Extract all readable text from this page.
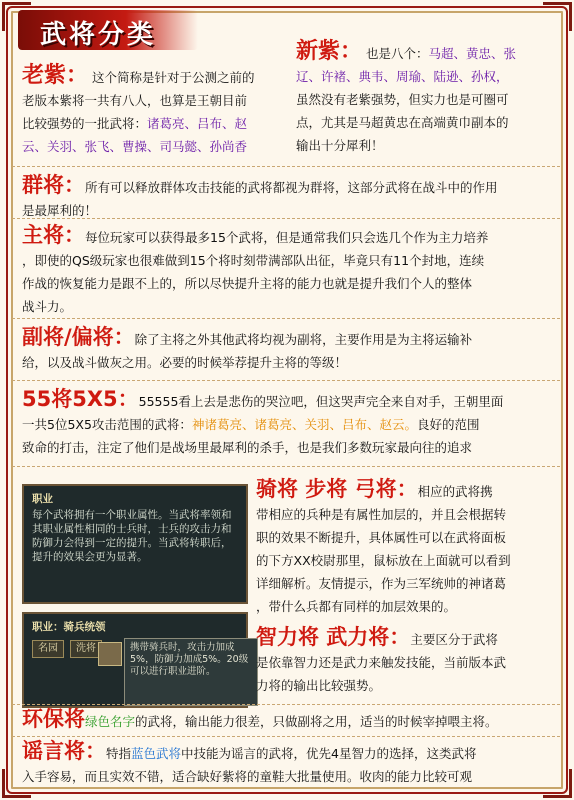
武将分类
老紫： 这个简称是针对于公测之前的
老版本紫将一共有八人，也算是王朝目前
比较强势的一批武将：诸葛亮、吕布、赵
云、关羽、张飞、曹操、司马懿、孙尚香
新紫： 也是八个：马超、黄忠、张
辽、许褚、典韦、周瑜、陆逊、孙权，
虽然没有老紫强势，但实力也是可圈可
点，尤其是马超黄忠在高端黄巾副本的
输出十分犀利！
群将：所有可以释放群体攻击技能的武将都视为群将，这部分武将在战斗中的作用
是最犀利的！
主将：每位玩家可以获得最多15个武将，但是通常我们只会选几个作为主力培养
，即使的QS级玩家也很难做到15个将时刻带满部队出征，毕竟只有11个封地，连续
作战的恢复能力是跟不上的，所以尽快提升主将的能力也就是提升我们个人的整体
战斗力。
副将/偏将：除了主将之外其他武将均视为副将，主要作用是为主将运输补
给，以及战斗做灰之用。必要的时候举荐提升主将的等级！
55将5X5：55555看上去是悲伤的哭泣吧，但这哭声完全来自对手，王朝里面
一共5位5X5攻击范围的武将：神诸葛亮、诸葛亮、关羽、吕布、赵云。良好的范围
致命的打击，注定了他们是战场里最犀利的杀手，也是我们多数玩家最向往的追求
职业
每个武将拥有一个职业属性。当武将率领和其职业属性相同的士兵时，士兵的攻击力和防御力会得到一定的提升。当武将转职后，提升的效果会更为显著。
骑将 步将 弓将：相应的武将携
带相应的兵种是有属性加层的，并且会根据转
职的效果不断提升，具体属性可以在武将面板
的下方XX校尉那里，鼠标放在上面就可以看到
详细解析。友情提示，作为三军统帅的神诸葛
，带什么兵都有同样的加层效果的。
职业：骑兵统领
名园	洗将	携带骑兵时，攻击力加成5%，防御力加成5%。20级可以进行职业进阶。
智力将 武力将：主要区分于武将
是依靠智力还是武力来触发技能，当前版本武
力将的输出比较强势。
环保将绿色名字的武将，输出能力很差，只做副将之用，适当的时候宰掉喂主将。
谣言将：特指蓝色武将中技能为谣言的武将，优先4星智力的选择，这类武将
入手容易，而且实效不错，适合缺好紫将的童鞋大批量使用。收肉的能力比较可观
